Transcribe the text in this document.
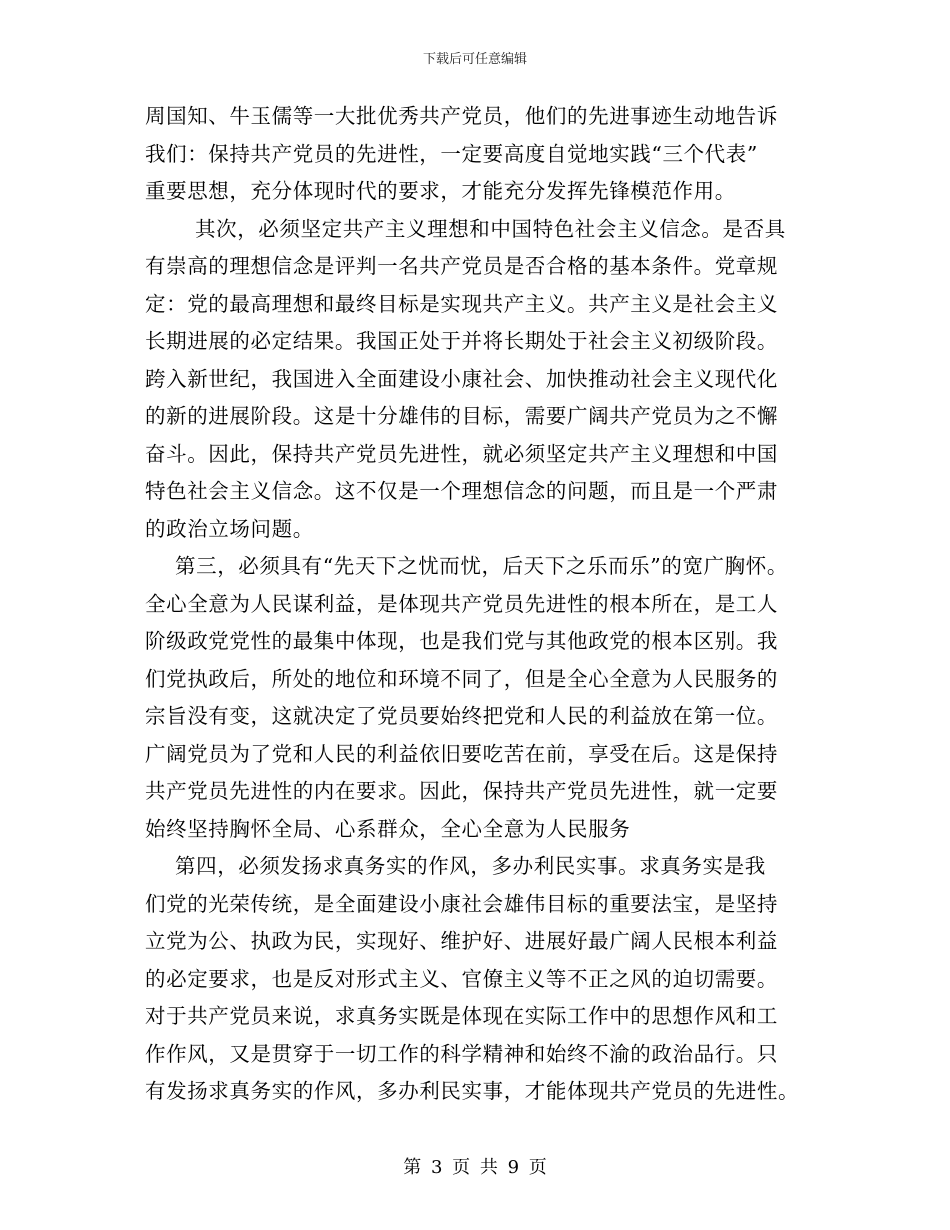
下载后可任意编辑
周国知、牛玉儒等一大批优秀共产党员，他们的先进事迹生动地告诉
我们：保持共产党员的先进性，一定要高度自觉地实践“三个代表”
重要思想，充分体现时代的要求，才能充分发挥先锋模范作用。
其次，必须坚定共产主义理想和中国特色社会主义信念。是否具
有崇高的理想信念是评判一名共产党员是否合格的基本条件。党章规
定：党的最高理想和最终目标是实现共产主义。共产主义是社会主义
长期进展的必定结果。我国正处于并将长期处于社会主义初级阶段。
跨入新世纪，我国进入全面建设小康社会、加快推动社会主义现代化
的新的进展阶段。这是十分雄伟的目标，需要广阔共产党员为之不懈
奋斗。因此，保持共产党员先进性，就必须坚定共产主义理想和中国
特色社会主义信念。这不仅是一个理想信念的问题，而且是一个严肃
的政治立场问题。
第三，必须具有“先天下之忧而忧，后天下之乐而乐”的宽广胸怀。
全心全意为人民谋利益，是体现共产党员先进性的根本所在，是工人
阶级政党党性的最集中体现，也是我们党与其他政党的根本区别。我
们党执政后，所处的地位和环境不同了，但是全心全意为人民服务的
宗旨没有变，这就决定了党员要始终把党和人民的利益放在第一位。
广阔党员为了党和人民的利益依旧要吃苦在前，享受在后。这是保持
共产党员先进性的内在要求。因此，保持共产党员先进性，就一定要
始终坚持胸怀全局、心系群众，全心全意为人民服务
第四，必须发扬求真务实的作风，多办利民实事。求真务实是我
们党的光荣传统，是全面建设小康社会雄伟目标的重要法宝，是坚持
立党为公、执政为民，实现好、维护好、进展好最广阔人民根本利益
的必定要求，也是反对形式主义、官僚主义等不正之风的迫切需要。
对于共产党员来说，求真务实既是体现在实际工作中的思想作风和工
作作风，又是贯穿于一切工作的科学精神和始终不渝的政治品行。只
有发扬求真务实的作风，多办利民实事，才能体现共产党员的先进性。
第 3 页 共 9 页
